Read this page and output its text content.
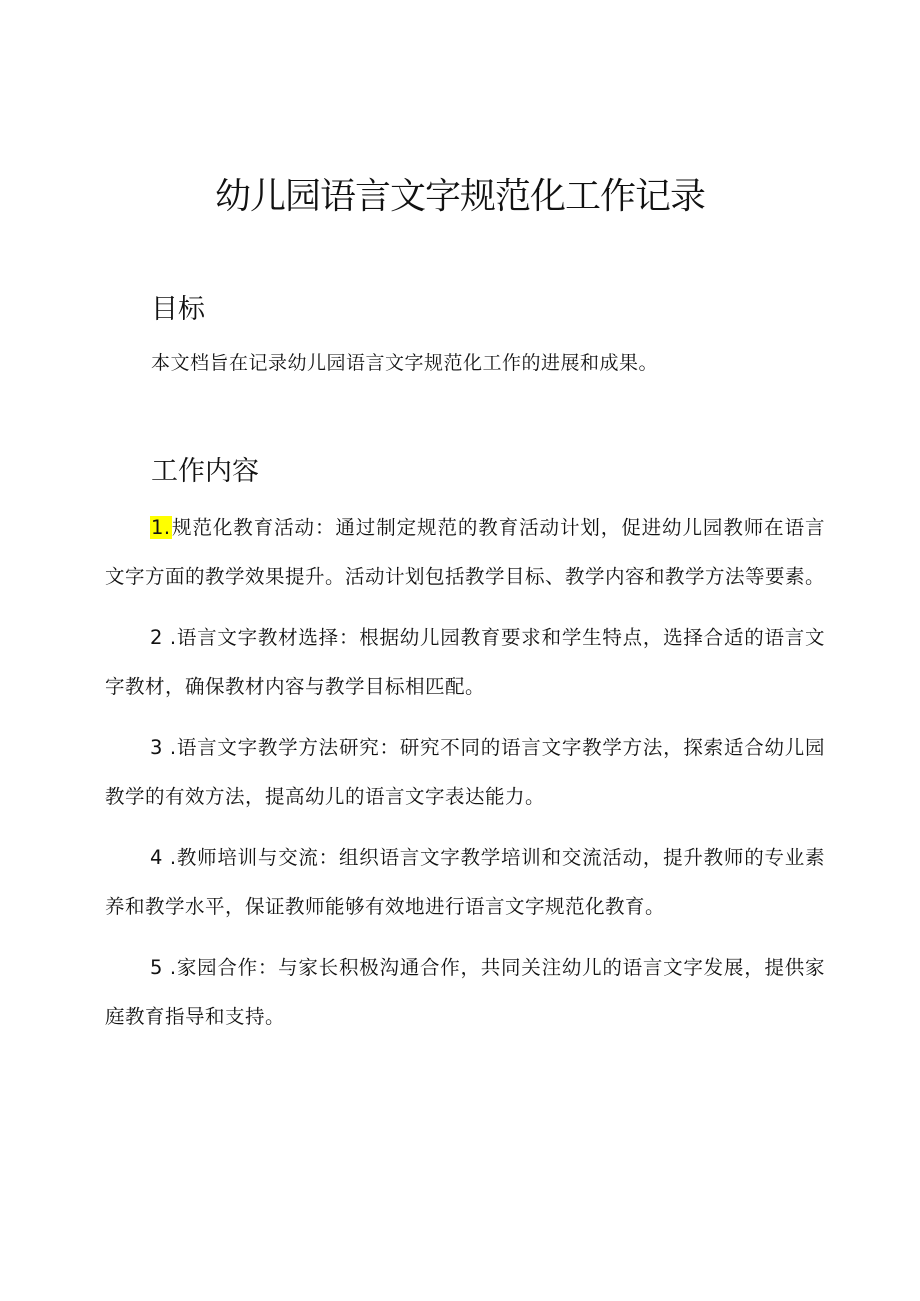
幼儿园语言文字规范化工作记录
目标

本文档旨在记录幼儿园语言文字规范化工作的进展和成果。

工作内容

1.规范化教育活动：通过制定规范的教育活动计划，促进幼儿园教师在语言文字方面的教学效果提升。活动计划包括教学目标、教学内容和教学方法等要素。

2 .语言文字教材选择：根据幼儿园教育要求和学生特点，选择合适的语言文字教材，确保教材内容与教学目标相匹配。

3 .语言文字教学方法研究：研究不同的语言文字教学方法，探索适合幼儿园教学的有效方法，提高幼儿的语言文字表达能力。

4 .教师培训与交流：组织语言文字教学培训和交流活动，提升教师的专业素养和教学水平，保证教师能够有效地进行语言文字规范化教育。

5 .家园合作：与家长积极沟通合作，共同关注幼儿的语言文字发展，提供家庭教育指导和支持。
